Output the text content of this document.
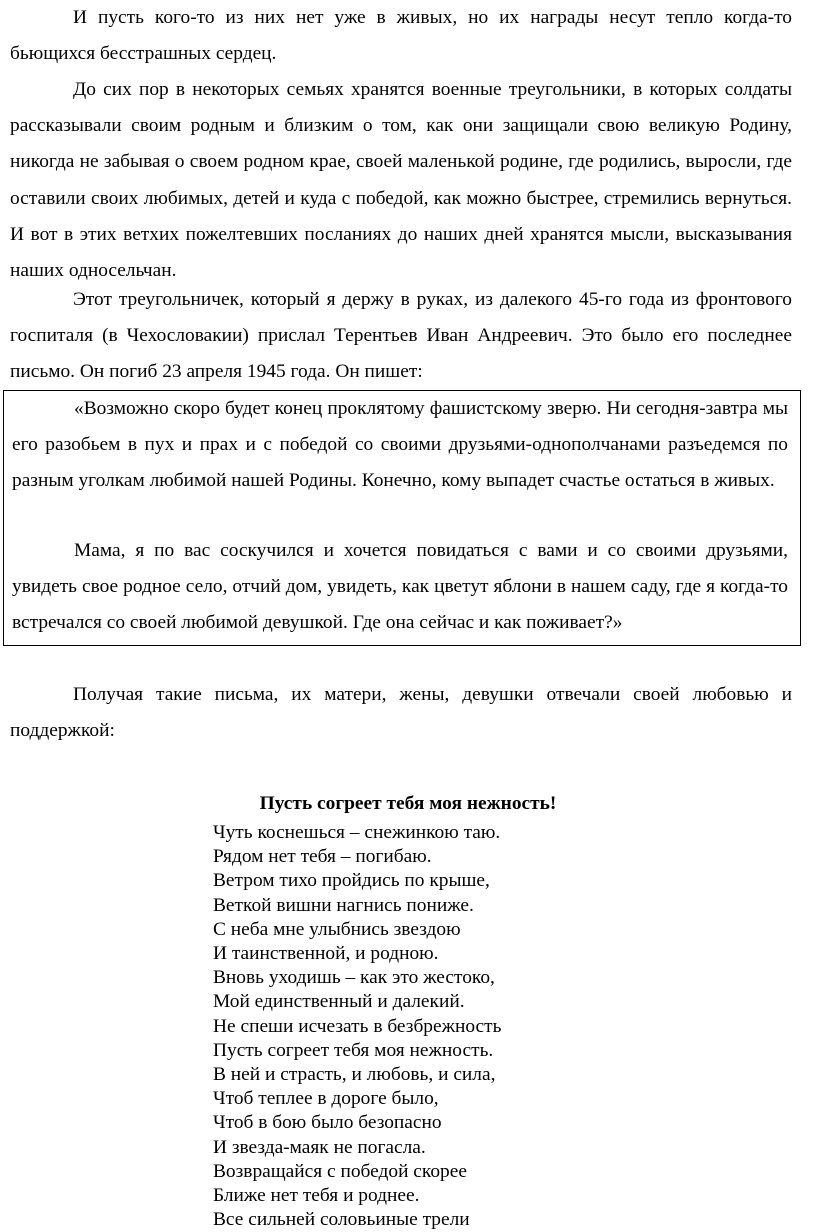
И пусть кого-то из них нет уже в живых, но их награды несут тепло когда-то бьющихся бесстрашных сердец.

До сих пор в некоторых семьях хранятся военные треугольники, в которых солдаты рассказывали своим родным и близким о том, как они защищали свою великую Родину, никогда не забывая о своем родном крае, своей маленькой родине, где родились, выросли, где оставили своих любимых, детей и куда с победой, как можно быстрее, стремились вернуться. И вот в этих ветхих пожелтевших посланиях до наших дней хранятся мысли, высказывания наших односельчан.

Этот треугольничек, который я держу в руках, из далекого 45-го года из фронтового госпиталя (в Чехословакии) прислал Терентьев Иван Андреевич. Это было его последнее письмо. Он погиб 23 апреля 1945 года. Он пишет:

«Возможно скоро будет конец проклятому фашистскому зверю. Ни сегодня-завтра мы его разобьем в пух и прах и с победой со своими друзьями-однополчанами разъедемся по разным уголкам любимой нашей Родины. Конечно, кому выпадет счастье остаться в живых.

Мама, я по вас соскучился и хочется повидаться с вами и со своими друзьями, увидеть свое родное село, отчий дом, увидеть, как цветут яблони в нашем саду, где я когда-то встречался со своей любимой девушкой. Где она сейчас и как поживает?»

Получая такие письма, их матери, жены, девушки отвечали своей любовью и поддержкой:

Пусть согреет тебя моя нежность!
Чуть коснешься – снежинкою таю.
Рядом нет тебя – погибаю.
Ветром тихо пройдись по крыше,
Веткой вишни нагнись пониже.
С неба мне улыбнись звездою
И таинственной, и родною.
Вновь уходишь – как это жестоко,
Мой единственный и далекий.
Не спеши исчезать в безбрежность
Пусть согреет тебя моя нежность.
В ней и страсть, и любовь, и сила,
Чтоб теплее в дороге было,
Чтоб в бою было безопасно
И звезда-маяк не погасла.
Возвращайся с победой скорее
Ближе нет тебя и роднее.
Все сильней соловьиные трели
